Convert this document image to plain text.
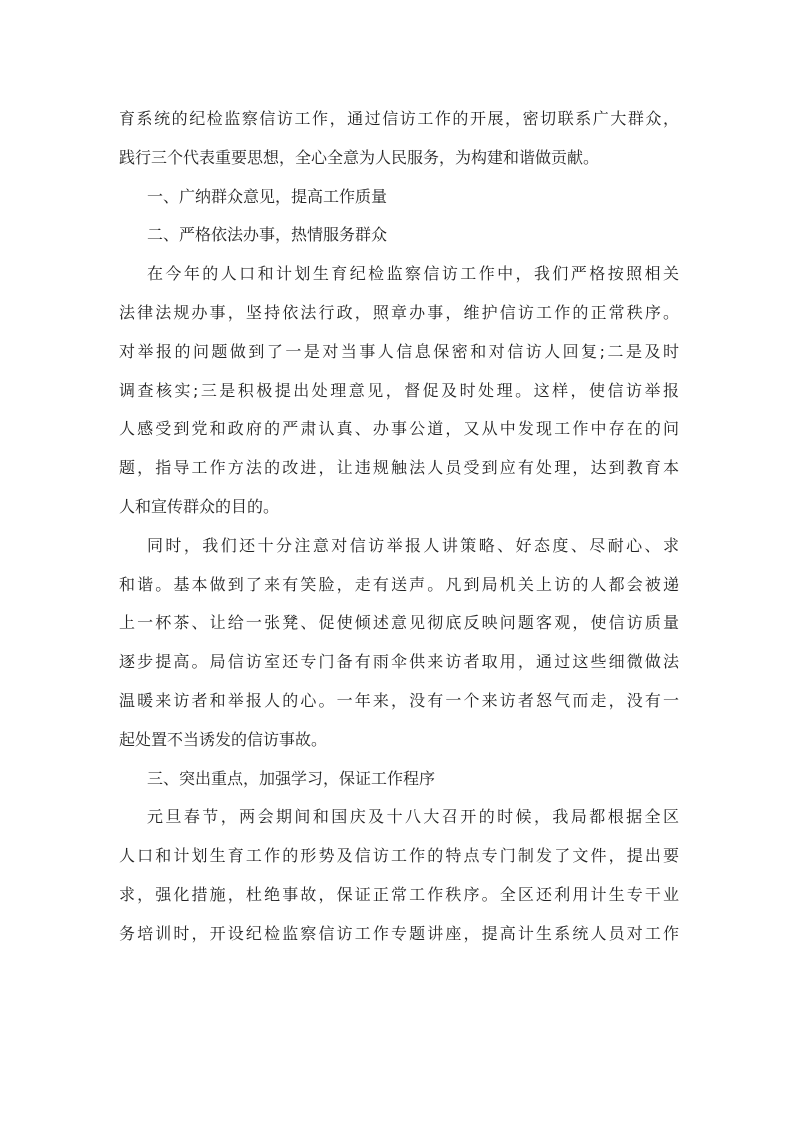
育系统的纪检监察信访工作，通过信访工作的开展，密切联系广大群众，
践行三个代表重要思想，全心全意为人民服务，为构建和谐做贡献。
一、广纳群众意见，提高工作质量
二、严格依法办事，热情服务群众
在今年的人口和计划生育纪检监察信访工作中，我们严格按照相关
法律法规办事，坚持依法行政，照章办事，维护信访工作的正常秩序。
对举报的问题做到了一是对当事人信息保密和对信访人回复;二是及时
调查核实;三是积极提出处理意见，督促及时处理。这样，使信访举报
人感受到党和政府的严肃认真、办事公道，又从中发现工作中存在的问
题，指导工作方法的改进，让违规触法人员受到应有处理，达到教育本
人和宣传群众的目的。
同时，我们还十分注意对信访举报人讲策略、好态度、尽耐心、求
和谐。基本做到了来有笑脸，走有送声。凡到局机关上访的人都会被递
上一杯茶、让给一张凳、促使倾述意见彻底反映问题客观，使信访质量
逐步提高。局信访室还专门备有雨伞供来访者取用，通过这些细微做法
温暖来访者和举报人的心。一年来，没有一个来访者怒气而走，没有一
起处置不当诱发的信访事故。
三、突出重点，加强学习，保证工作程序
元旦春节，两会期间和国庆及十八大召开的时候，我局都根据全区
人口和计划生育工作的形势及信访工作的特点专门制发了文件，提出要
求，强化措施，杜绝事故，保证正常工作秩序。全区还利用计生专干业
务培训时，开设纪检监察信访工作专题讲座，提高计生系统人员对工作
